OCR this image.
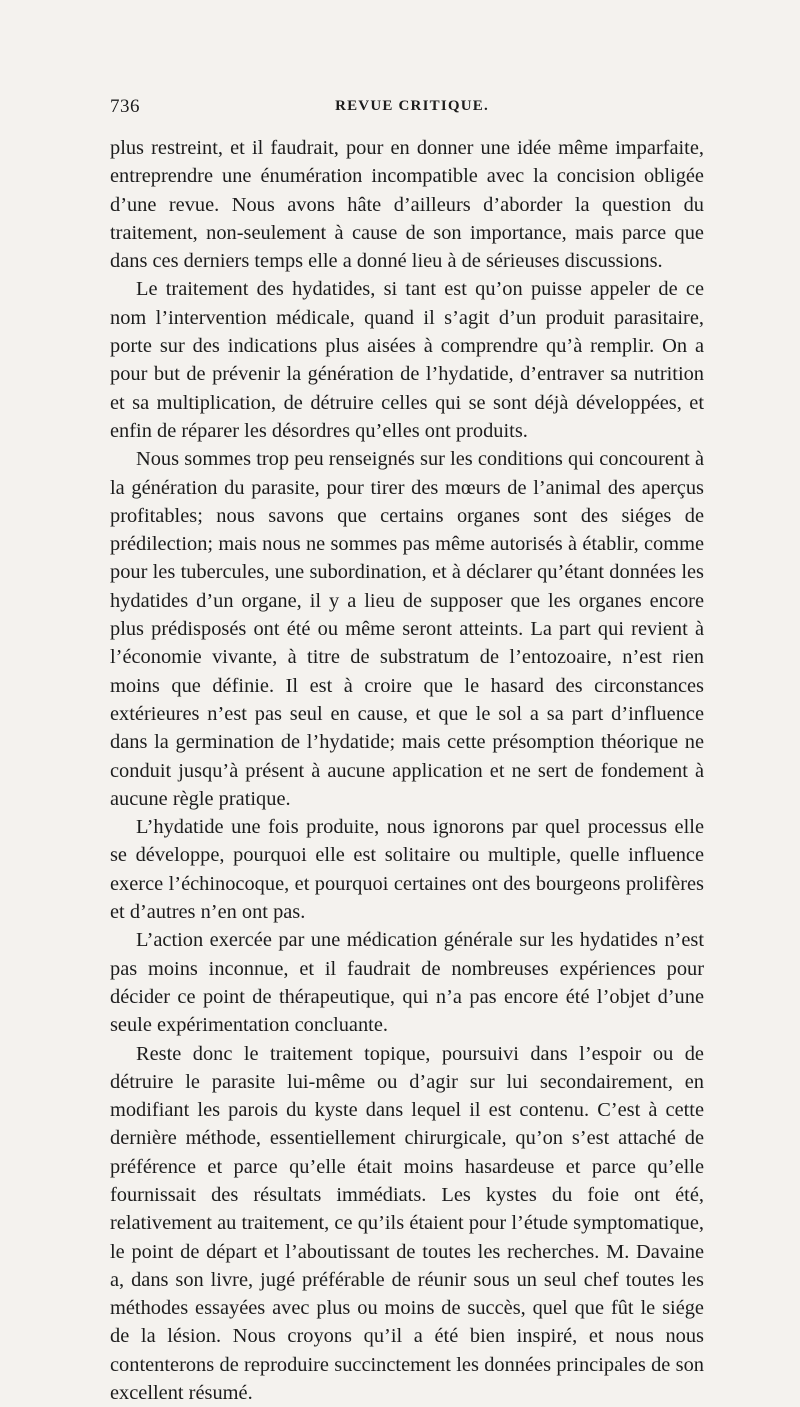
736	REVUE CRITIQUE.

plus restreint, et il faudrait, pour en donner une idée même imparfaite, entreprendre une énumération incompatible avec la concision obligée d’une revue. Nous avons hâte d’ailleurs d’aborder la question du traitement, non-seulement à cause de son importance, mais parce que dans ces derniers temps elle a donné lieu à de sérieuses discussions.

Le traitement des hydatides, si tant est qu’on puisse appeler de ce nom l’intervention médicale, quand il s’agit d’un produit parasitaire, porte sur des indications plus aisées à comprendre qu’à remplir. On a pour but de prévenir la génération de l’hydatide, d’entraver sa nutrition et sa multiplication, de détruire celles qui se sont déjà développées, et enfin de réparer les désordres qu’elles ont produits.

Nous sommes trop peu renseignés sur les conditions qui concourent à la génération du parasite, pour tirer des mœurs de l’animal des aperçus profitables; nous savons que certains organes sont des siéges de prédilection; mais nous ne sommes pas même autorisés à établir, comme pour les tubercules, une subordination, et à déclarer qu’étant données les hydatides d’un organe, il y a lieu de supposer que les organes encore plus prédisposés ont été ou même seront atteints. La part qui revient à l’économie vivante, à titre de substratum de l’entozoaire, n’est rien moins que définie. Il est à croire que le hasard des circonstances extérieures n’est pas seul en cause, et que le sol a sa part d’influence dans la germination de l’hydatide; mais cette présomption théorique ne conduit jusqu’à présent à aucune application et ne sert de fondement à aucune règle pratique.

L’hydatide une fois produite, nous ignorons par quel processus elle se développe, pourquoi elle est solitaire ou multiple, quelle influence exerce l’échinocoque, et pourquoi certaines ont des bourgeons prolifères et d’autres n’en ont pas.

L’action exercée par une médication générale sur les hydatides n’est pas moins inconnue, et il faudrait de nombreuses expériences pour décider ce point de thérapeutique, qui n’a pas encore été l’objet d’une seule expérimentation concluante.

Reste donc le traitement topique, poursuivi dans l’espoir ou de détruire le parasite lui-même ou d’agir sur lui secondairement, en modifiant les parois du kyste dans lequel il est contenu. C’est à cette dernière méthode, essentiellement chirurgicale, qu’on s’est attaché de préférence et parce qu’elle était moins hasardeuse et parce qu’elle fournissait des résultats immédiats. Les kystes du foie ont été, relativement au traitement, ce qu’ils étaient pour l’étude symptomatique, le point de départ et l’aboutissant de toutes les recherches. M. Davaine a, dans son livre, jugé préférable de réunir sous un seul chef toutes les méthodes essayées avec plus ou moins de succès, quel que fût le siége de la lésion. Nous croyons qu’il a été bien inspiré, et nous nous contenterons de reproduire succinctement les données principales de son excellent résumé.
